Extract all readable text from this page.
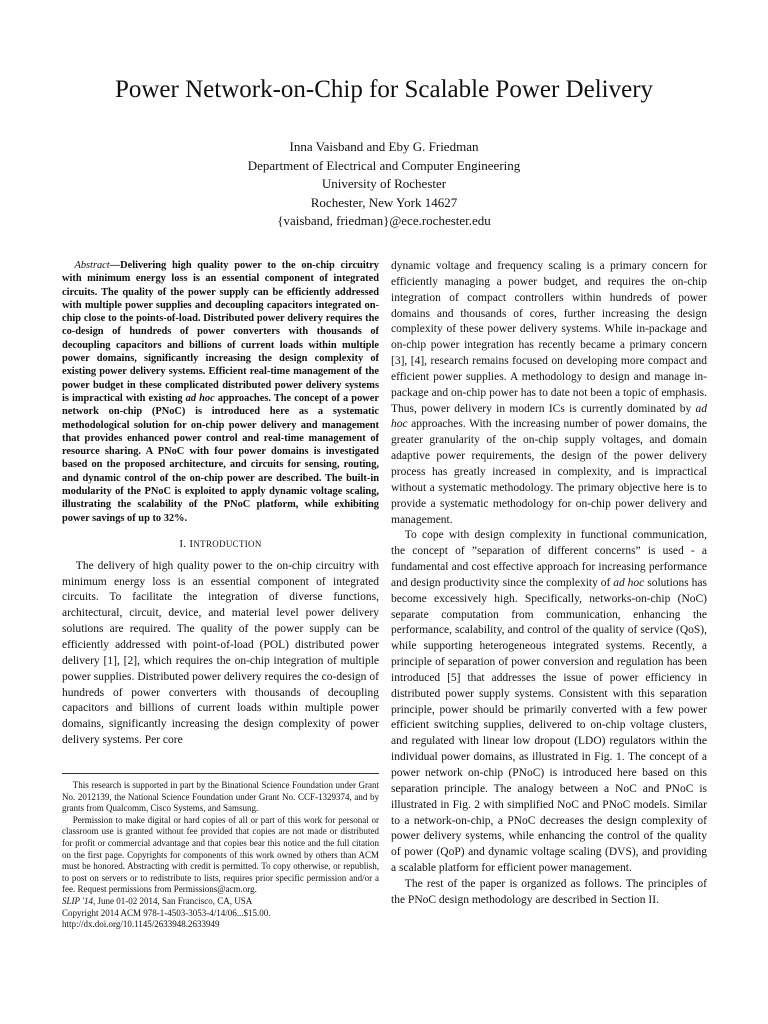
Power Network-on-Chip for Scalable Power Delivery
Inna Vaisband and Eby G. Friedman
Department of Electrical and Computer Engineering
University of Rochester
Rochester, New York 14627
{vaisband, friedman}@ece.rochester.edu

Abstract—Delivering high quality power to the on-chip circuitry with minimum energy loss is an essential component of integrated circuits. The quality of the power supply can be efficiently addressed with multiple power supplies and decoupling capacitors integrated on-chip close to the points-of-load. Distributed power delivery requires the co-design of hundreds of power converters with thousands of decoupling capacitors and billions of current loads within multiple power domains, significantly increasing the design complexity of existing power delivery systems. Efficient real-time management of the power budget in these complicated distributed power delivery systems is impractical with existing ad hoc approaches. The concept of a power network on-chip (PNoC) is introduced here as a systematic methodological solution for on-chip power delivery and management that provides enhanced power control and real-time management of resource sharing. A PNoC with four power domains is investigated based on the proposed architecture, and circuits for sensing, routing, and dynamic control of the on-chip power are described. The built-in modularity of the PNoC is exploited to apply dynamic voltage scaling, illustrating the scalability of the PNoC platform, while exhibiting power savings of up to 32%.

I. INTRODUCTION

The delivery of high quality power to the on-chip circuitry with minimum energy loss is an essential component of integrated circuits. To facilitate the integration of diverse functions, architectural, circuit, device, and material level power delivery solutions are required. The quality of the power supply can be efficiently addressed with point-of-load (POL) distributed power delivery [1], [2], which requires the on-chip integration of multiple power supplies. Distributed power delivery requires the co-design of hundreds of power converters with thousands of decoupling capacitors and billions of current loads within multiple power domains, significantly increasing the design complexity of power delivery systems. Per core

This research is supported in part by the Binational Science Foundation under Grant No. 2012139, the National Science Foundation under Grant No. CCF-1329374, and by grants from Qualcomm, Cisco Systems, and Samsung.

Permission to make digital or hard copies of all or part of this work for personal or classroom use is granted without fee provided that copies are not made or distributed for profit or commercial advantage and that copies bear this notice and the full citation on the first page. Copyrights for components of this work owned by others than ACM must be honored. Abstracting with credit is permitted. To copy otherwise, or republish, to post on servers or to redistribute to lists, requires prior specific permission and/or a fee. Request permissions from Permissions@acm.org.

SLIP '14, June 01-02 2014, San Francisco, CA, USA

Copyright 2014 ACM 978-1-4503-3053-4/14/06...$15.00.

http://dx.doi.org/10.1145/2633948.2633949

dynamic voltage and frequency scaling is a primary concern for efficiently managing a power budget, and requires the on-chip integration of compact controllers within hundreds of power domains and thousands of cores, further increasing the design complexity of these power delivery systems. While in-package and on-chip power integration has recently became a primary concern [3], [4], research remains focused on developing more compact and efficient power supplies. A methodology to design and manage in-package and on-chip power has to date not been a topic of emphasis. Thus, power delivery in modern ICs is currently dominated by ad hoc approaches. With the increasing number of power domains, the greater granularity of the on-chip supply voltages, and domain adaptive power requirements, the design of the power delivery process has greatly increased in complexity, and is impractical without a systematic methodology. The primary objective here is to provide a systematic methodology for on-chip power delivery and management.

To cope with design complexity in functional communication, the concept of ”separation of different concerns” is used - a fundamental and cost effective approach for increasing performance and design productivity since the complexity of ad hoc solutions has become excessively high. Specifically, networks-on-chip (NoC) separate computation from communication, enhancing the performance, scalability, and control of the quality of service (QoS), while supporting heterogeneous integrated systems. Recently, a principle of separation of power conversion and regulation has been introduced [5] that addresses the issue of power efficiency in distributed power supply systems. Consistent with this separation principle, power should be primarily converted with a few power efficient switching supplies, delivered to on-chip voltage clusters, and regulated with linear low dropout (LDO) regulators within the individual power domains, as illustrated in Fig. 1. The concept of a power network on-chip (PNoC) is introduced here based on this separation principle. The analogy between a NoC and PNoC is illustrated in Fig. 2 with simplified NoC and PNoC models. Similar to a network-on-chip, a PNoC decreases the design complexity of power delivery systems, while enhancing the control of the quality of power (QoP) and dynamic voltage scaling (DVS), and providing a scalable platform for efficient power management.

The rest of the paper is organized as follows. The principles of the PNoC design methodology are described in Section II.
